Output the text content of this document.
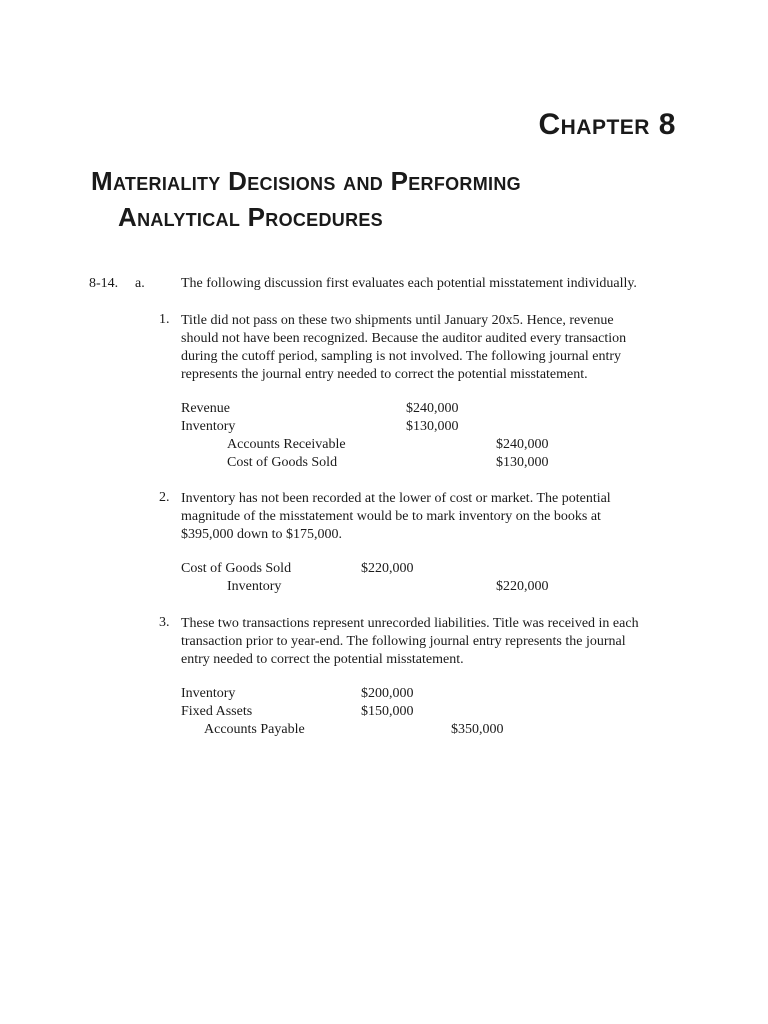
Chapter 8
Materiality Decisions and Performing
Analytical Procedures
8-14. a.	The following discussion first evaluates each potential misstatement individually.
1. Title did not pass on these two shipments until January 20x5. Hence, revenue
should not have been recognized. Because the auditor audited every transaction
during the cutoff period, sampling is not involved. The following journal entry
represents the journal entry needed to correct the potential misstatement.
Revenue	$240,000
Inventory	$130,000
Accounts Receivable	$240,000
Cost of Goods Sold	$130,000
2. Inventory has not been recorded at the lower of cost or market. The potential
magnitude of the misstatement would be to mark inventory on the books at
$395,000 down to $175,000.
Cost of Goods Sold	$220,000
Inventory	$220,000
3. These two transactions represent unrecorded liabilities. Title was received in each
transaction prior to year-end. The following journal entry represents the journal
entry needed to correct the potential misstatement.
Inventory	$200,000
Fixed Assets	$150,000
Accounts Payable	$350,000
